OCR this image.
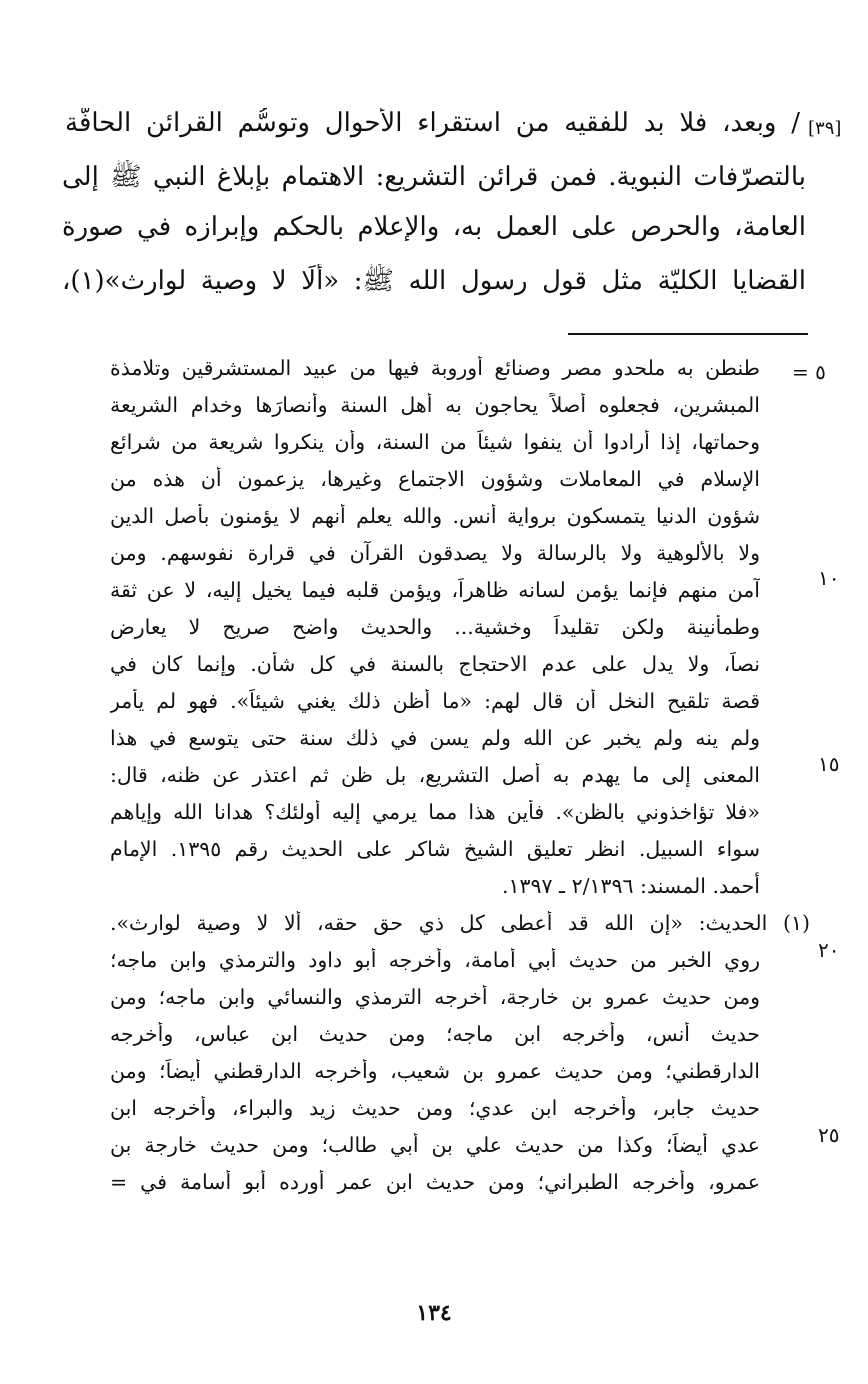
[٣٩]
/ وبعد، فلا بد للفقيه من استقراء الأحوال وتوسُّم القرائن الحافَّة
بالتصرّفات النبوية. فمن قرائن التشريع: الاهتمام بإبلاغ النبي ﷺ إلى
العامة، والحرص على العمل به، والإعلام بالحكم وإبرازه في صورة
القضايا الكليّة مثل قول رسول الله ﷺ: «ألَا لا وصية لوارث»(١)،
٥ =
طنطن به ملحدو مصر وصنائع أوروبة فيها من عبيد المستشرقين وتلامذة
المبشرين، فجعلوه أصلاً يحاجون به أهل السنة وأنصارَها وخدام الشريعة
وحماتها، إذا أرادوا أن ينفوا شيئاً من السنة، وأن ينكروا شريعة من شرائع
الإسلام في المعاملات وشؤون الاجتماع وغيرها، يزعمون أن هذه من
شؤون الدنيا يتمسكون برواية أنس. والله يعلم أنهم لا يؤمنون بأصل الدين
ولا بالألوهية ولا بالرسالة ولا يصدقون القرآن في قرارة نفوسهم. ومن
آمن منهم فإنما يؤمن لسانه ظاهراً، ويؤمن قلبه فيما يخيل إليه، لا عن ثقة
وطمأنينة ولكن تقليداً وخشية... والحديث واضح صريح لا يعارض
نصاً، ولا يدل على عدم الاحتجاج بالسنة في كل شأن. وإنما كان في
قصة تلقيح النخل أن قال لهم: «ما أظن ذلك يغني شيئاً». فهو لم يأمر
ولم ينه ولم يخبر عن الله ولم يسن في ذلك سنة حتى يتوسع في هذا
المعنى إلى ما يهدم به أصل التشريع، بل ظن ثم اعتذر عن ظنه، قال:
«فلا تؤاخذوني بالظن». فأين هذا مما يرمي إليه أولئك؟ هدانا الله وإياهم
سواء السبيل. انظر تعليق الشيخ شاكر على الحديث رقم ١٣٩٥. الإمام
أحمد. المسند: ٢/١٣٩٦ ـ ١٣٩٧.
(١) الحديث: «إن الله قد أعطى كل ذي حق حقه، ألا لا وصية لوارث».
روي الخبر من حديث أبي أمامة، وأخرجه أبو داود والترمذي وابن ماجه؛
ومن حديث عمرو بن خارجة، أخرجه الترمذي والنسائي وابن ماجه؛ ومن
حديث أنس، وأخرجه ابن ماجه؛ ومن حديث ابن عباس، وأخرجه
الدارقطني؛ ومن حديث عمرو بن شعيب، وأخرجه الدارقطني أيضاً؛ ومن
حديث جابر، وأخرجه ابن عدي؛ ومن حديث زيد والبراء، وأخرجه ابن
عدي أيضاً؛ وكذا من حديث علي بن أبي طالب؛ ومن حديث خارجة بن
عمرو، وأخرجه الطبراني؛ ومن حديث ابن عمر أورده أبو أسامة في =
١٠
١٥
٢٠
٢٥
١٣٤
